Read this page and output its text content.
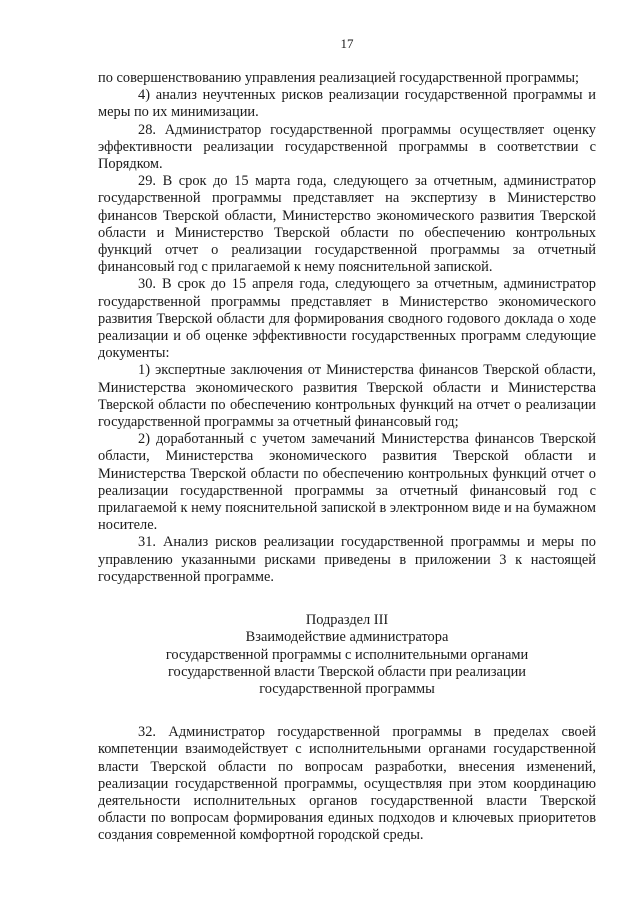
17

по совершенствованию управления реализацией государственной программы;

4) анализ неучтенных рисков реализации государственной программы и меры по их минимизации.

28. Администратор государственной программы осуществляет оценку эффективности реализации государственной программы в соответствии с Порядком.

29. В срок до 15 марта года, следующего за отчетным, администратор государственной программы представляет на экспертизу в Министерство финансов Тверской области, Министерство экономического развития Тверской области и Министерство Тверской области по обеспечению контрольных функций отчет о реализации государственной программы за отчетный финансовый год с прилагаемой к нему пояснительной запиской.

30. В срок до 15 апреля года, следующего за отчетным, администратор государственной программы представляет в Министерство экономического развития Тверской области для формирования сводного годового доклада о ходе реализации и об оценке эффективности государственных программ следующие документы:

1) экспертные заключения от Министерства финансов Тверской области, Министерства экономического развития Тверской области и Министерства Тверской области по обеспечению контрольных функций на отчет о реализации государственной программы за отчетный финансовый год;

2) доработанный с учетом замечаний Министерства финансов Тверской области, Министерства экономического развития Тверской области и Министерства Тверской области по обеспечению контрольных функций отчет о реализации государственной программы за отчетный финансовый год с прилагаемой к нему пояснительной запиской в электронном виде и на бумажном носителе.

31. Анализ рисков реализации государственной программы и меры по управлению указанными рисками приведены в приложении 3 к настоящей государственной программе.

Подраздел III

Взаимодействие администратора

государственной программы с исполнительными органами

государственной власти Тверской области при реализации

государственной программы

32. Администратор государственной программы в пределах своей компетенции взаимодействует с исполнительными органами государственной власти Тверской области по вопросам разработки, внесения изменений, реализации государственной программы, осуществляя при этом координацию деятельности исполнительных органов государственной власти Тверской области по вопросам формирования единых подходов и ключевых приоритетов создания современной комфортной городской среды.
